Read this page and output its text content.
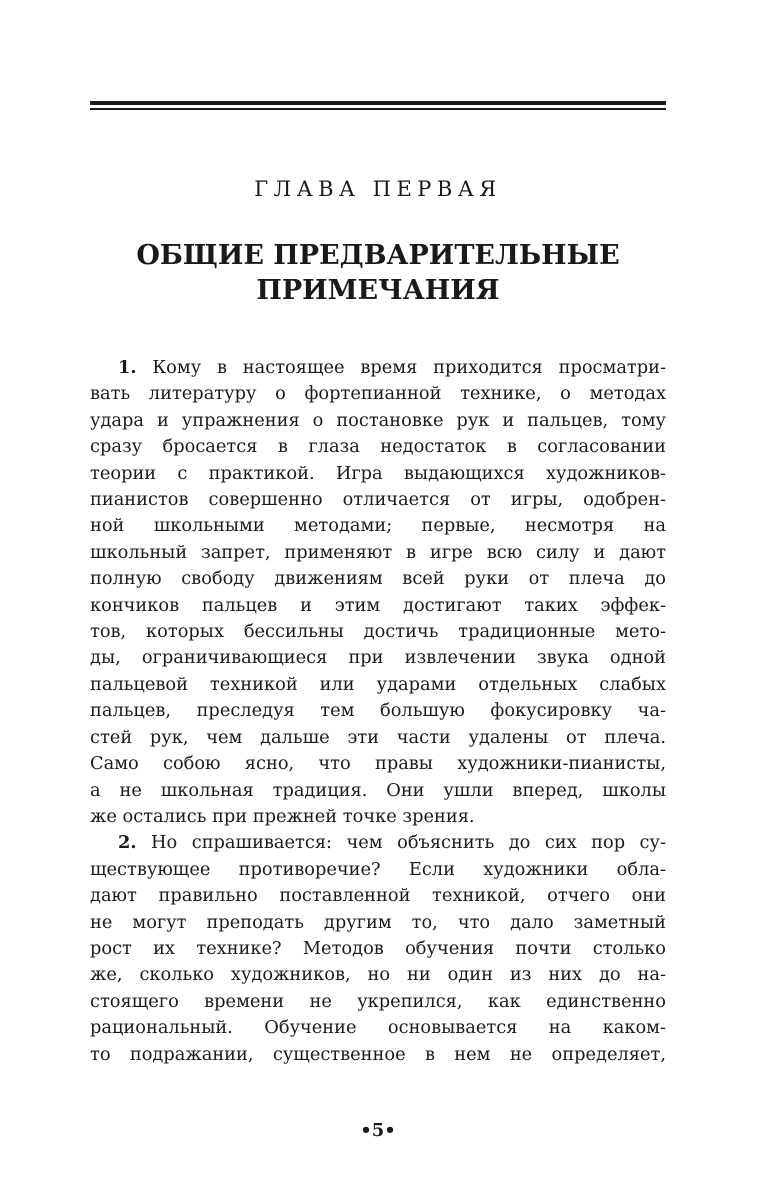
ГЛАВА ПЕРВАЯ
ОБЩИЕ ПРЕДВАРИТЕЛЬНЫЕ
ПРИМЕЧАНИЯ

1. Кому в настоящее время приходится просматри-
вать литературу о фортепианной технике, о методах
удара и упражнения о постановке рук и пальцев, тому
сразу бросается в глаза недостаток в согласовании
теории с практикой. Игра выдающихся художников-
пианистов совершенно отличается от игры, одобрен-
ной школьными методами; первые, несмотря на
школьный запрет, применяют в игре всю силу и дают
полную свободу движениям всей руки от плеча до
кончиков пальцев и этим достигают таких эффек-
тов, которых бессильны достичь традиционные мето-
ды, ограничивающиеся при извлечении звука одной
пальцевой техникой или ударами отдельных слабых
пальцев, преследуя тем большую фокусировку ча-
стей рук, чем дальше эти части удалены от плеча.
Само собою ясно, что правы художники-пианисты,
а не школьная традиция. Они ушли вперед, школы
же остались при прежней точке зрения.

2. Но спрашивается: чем объяснить до сих пор су-
ществующее противоречие? Если художники обла-
дают правильно поставленной техникой, отчего они
не могут преподать другим то, что дало заметный
рост их технике? Методов обучения почти столько
же, сколько художников, но ни один из них до на-
стоящего времени не укрепился, как единственно
рациональный. Обучение основывается на каком-
то подражании, существенное в нем не определяет,

•5•
